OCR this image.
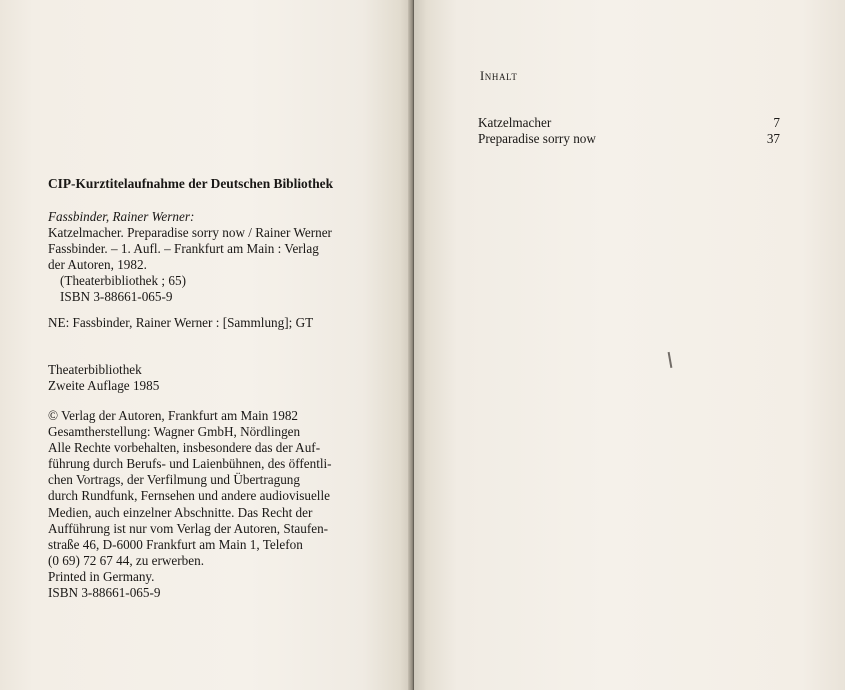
CIP-Kurztitelaufnahme der Deutschen Bibliothek
Fassbinder, Rainer Werner:
Katzelmacher. Preparadise sorry now / Rainer Werner
Fassbinder. – 1. Aufl. – Frankfurt am Main : Verlag
der Autoren, 1982.
(Theaterbibliothek ; 65)
ISBN 3-88661-065-9
NE: Fassbinder, Rainer Werner : [Sammlung]; GT
Theaterbibliothek
Zweite Auflage 1985
© Verlag der Autoren, Frankfurt am Main 1982
Gesamtherstellung: Wagner GmbH, Nördlingen
Alle Rechte vorbehalten, insbesondere das der Auf-
führung durch Berufs- und Laienbühnen, des öffentli-
chen Vortrags, der Verfilmung und Übertragung
durch Rundfunk, Fernsehen und andere audiovisuelle
Medien, auch einzelner Abschnitte. Das Recht der
Aufführung ist nur vom Verlag der Autoren, Staufen-
straße 46, D-6000 Frankfurt am Main 1, Telefon
(0 69) 72 67 44, zu erwerben.
Printed in Germany.
ISBN 3-88661-065-9
Inhalt
Katzelmacher	7
Preparadise sorry now	37
